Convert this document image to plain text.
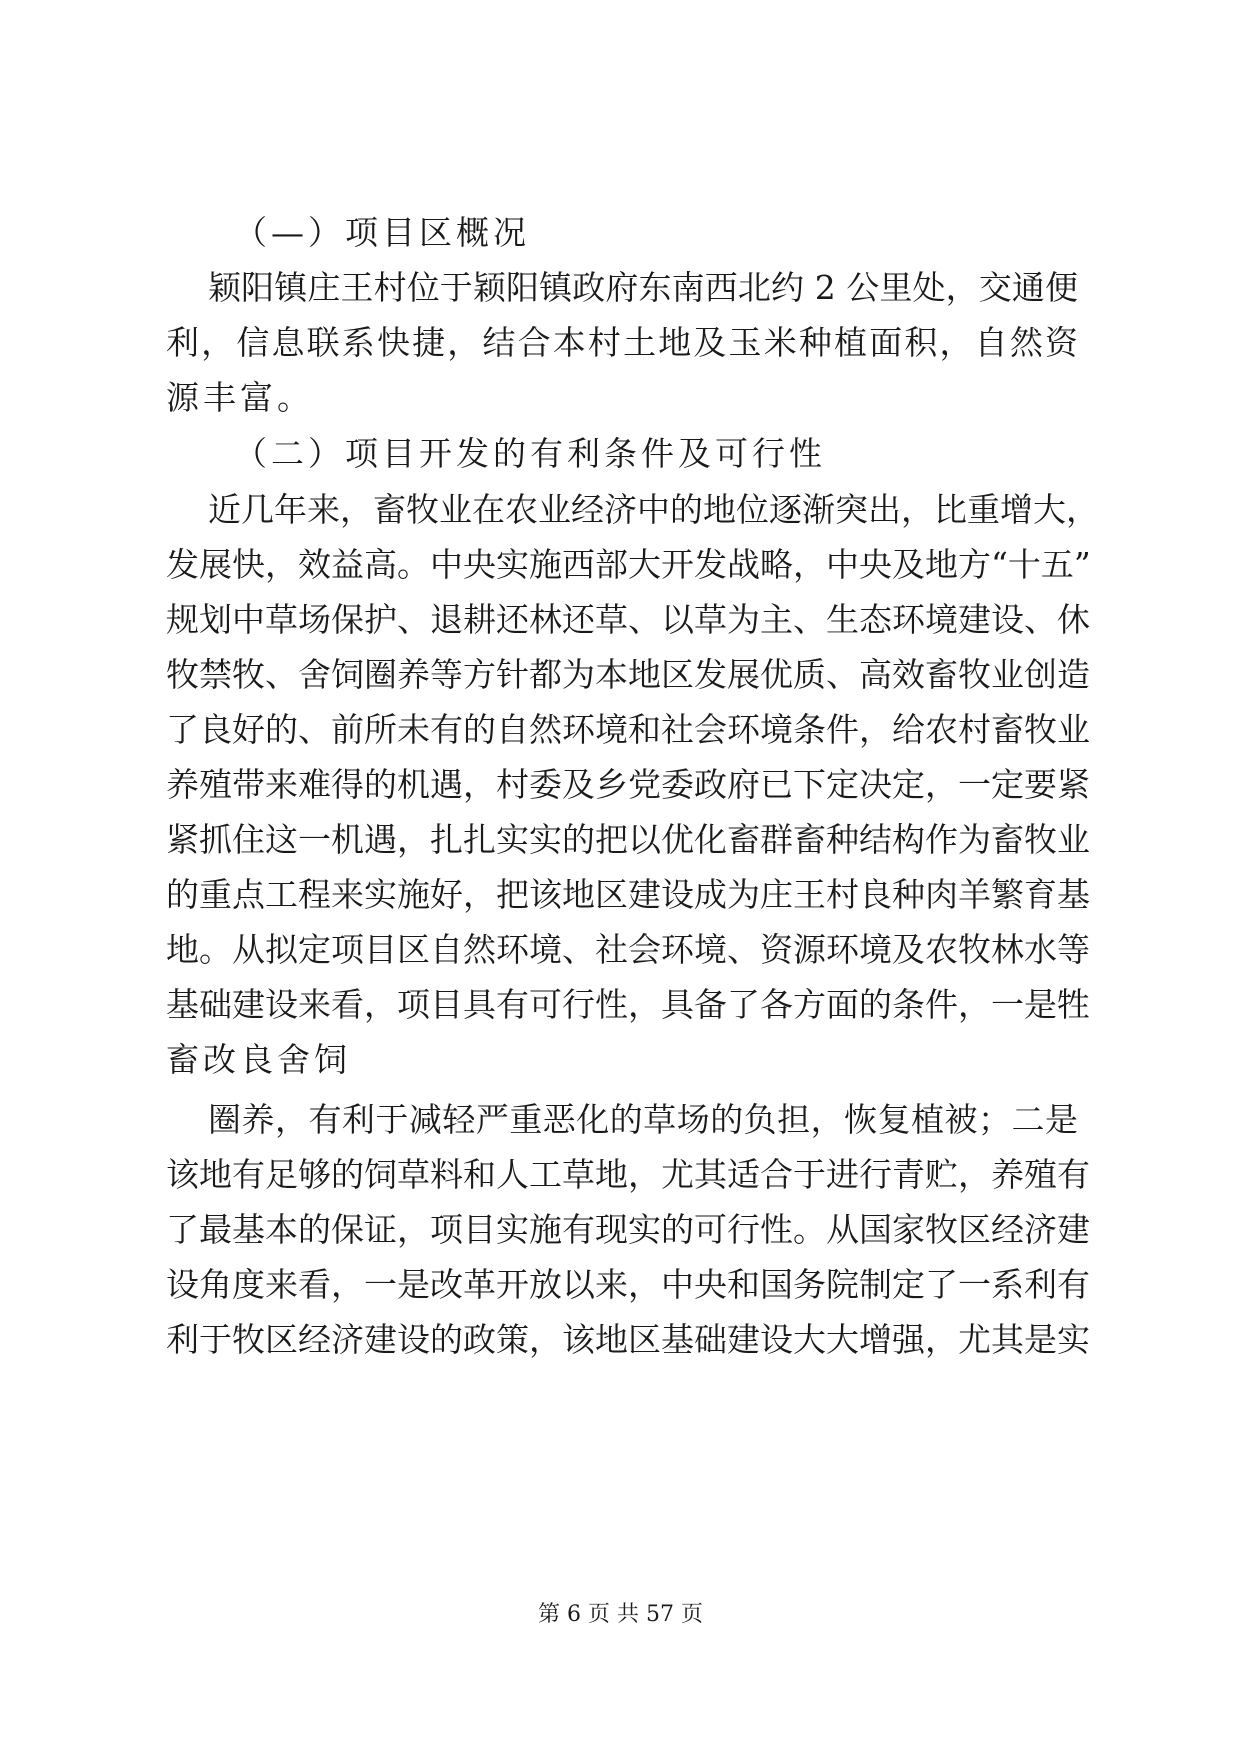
（—）项目区概况
颖阳镇庄王村位于颖阳镇政府东南西北约 2 公里处，交通便
利，信息联系快捷，结合本村土地及玉米种植面积，自然资
源丰富。
（二）项目开发的有利条件及可行性
近几年来，畜牧业在农业经济中的地位逐渐突出，比重增大，
发展快，效益高。中央实施西部大开发战略，中央及地方“十五”
规划中草场保护、退耕还林还草、以草为主、生态环境建设、休
牧禁牧、舍饲圈养等方针都为本地区发展优质、高效畜牧业创造
了良好的、前所未有的自然环境和社会环境条件，给农村畜牧业
养殖带来难得的机遇，村委及乡党委政府已下定决定，一定要紧
紧抓住这一机遇，扎扎实实的把以优化畜群畜种结构作为畜牧业
的重点工程来实施好，把该地区建设成为庄王村良种肉羊繁育基
地。从拟定项目区自然环境、社会环境、资源环境及农牧林水等
基础建设来看，项目具有可行性，具备了各方面的条件，一是牲
畜改良舍饲
圈养，有利于减轻严重恶化的草场的负担，恢复植被；二是
该地有足够的饲草料和人工草地，尤其适合于进行青贮，养殖有
了最基本的保证，项目实施有现实的可行性。从国家牧区经济建
设角度来看，一是改革开放以来，中央和国务院制定了一系利有
利于牧区经济建设的政策，该地区基础建设大大增强，尤其是实
第 6 页 共 57 页
